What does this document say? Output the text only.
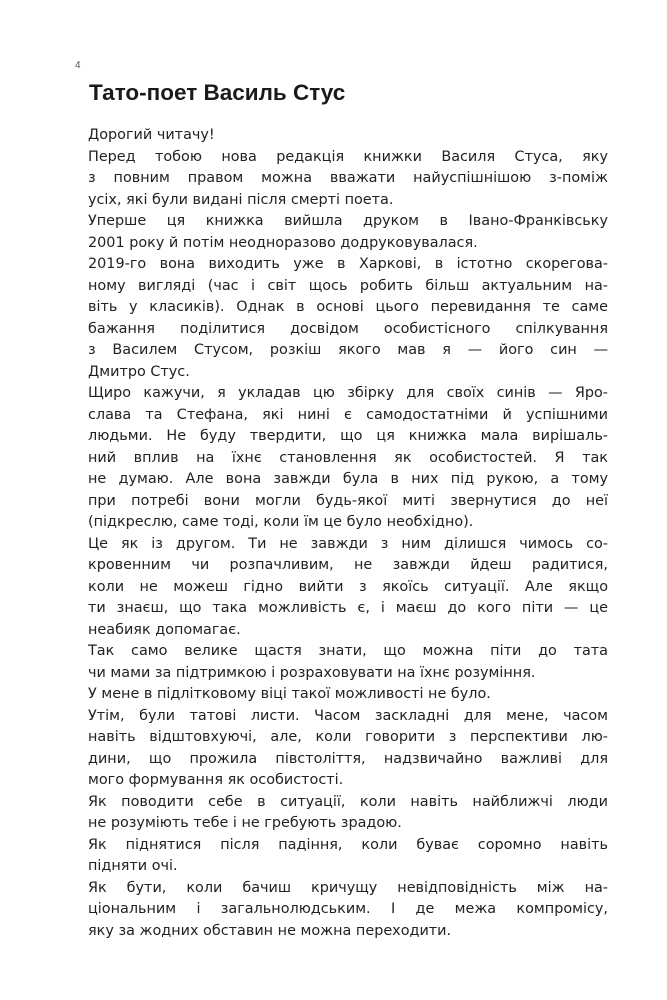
4
Тато-поет Василь Стус

Дорогий читачу!

Перед тобою нова редакція книжки Василя Стуса, яку
з повним правом можна вважати найуспішнішою з-поміж
усіх, які були видані після смерті поета.

Уперше ця книжка вийшла друком в Івано-Франківську
2001 року й потім неодноразово додруковувалася.

2019-го вона виходить уже в Харкові, в істотно скорегова-
ному вигляді (час і світ щось робить більш актуальним на-
віть у класиків). Однак в основі цього перевидання те саме
бажання поділитися досвідом особистісного спілкування
з Василем Стусом, розкіш якого мав я — його син —
Дмитро Стус.

Щиро кажучи, я укладав цю збірку для своїх синів — Яро-
слава та Стефана, які нині є самодостатніми й успішними
людьми. Не буду твердити, що ця книжка мала вирішаль-
ний вплив на їхнє становлення як особистостей. Я так
не думаю. Але вона завжди була в них під рукою, а тому
при потребі вони могли будь-якої миті звернутися до неї
(підкреслю, саме тоді, коли їм це було необхідно).

Це як із другом. Ти не завжди з ним ділишся чимось со-
кровенним чи розпачливим, не завжди йдеш радитися,
коли не можеш гідно вийти з якоїсь ситуації. Але якщо
ти знаєш, що така можливість є, і маєш до кого піти — це
неабияк допомагає.

Так само велике щастя знати, що можна піти до тата
чи мами за підтримкою і розраховувати на їхнє розуміння.

У мене в підлітковому віці такої можливості не було.

Утім, були татові листи. Часом заскладні для мене, часом
навіть відштовхуючі, але, коли говорити з перспективи лю-
дини, що прожила півстоліття, надзвичайно важливі для
мого формування як особистості.

Як поводити себе в ситуації, коли навіть найближчі люди
не розуміють тебе і не гребують зрадою.

Як піднятися після падіння, коли буває соромно навіть
підняти очі.

Як бути, коли бачиш кричущу невідповідність між на-
ціональним і загальнолюдським. І де межа компромісу,
яку за жодних обставин не можна переходити.
